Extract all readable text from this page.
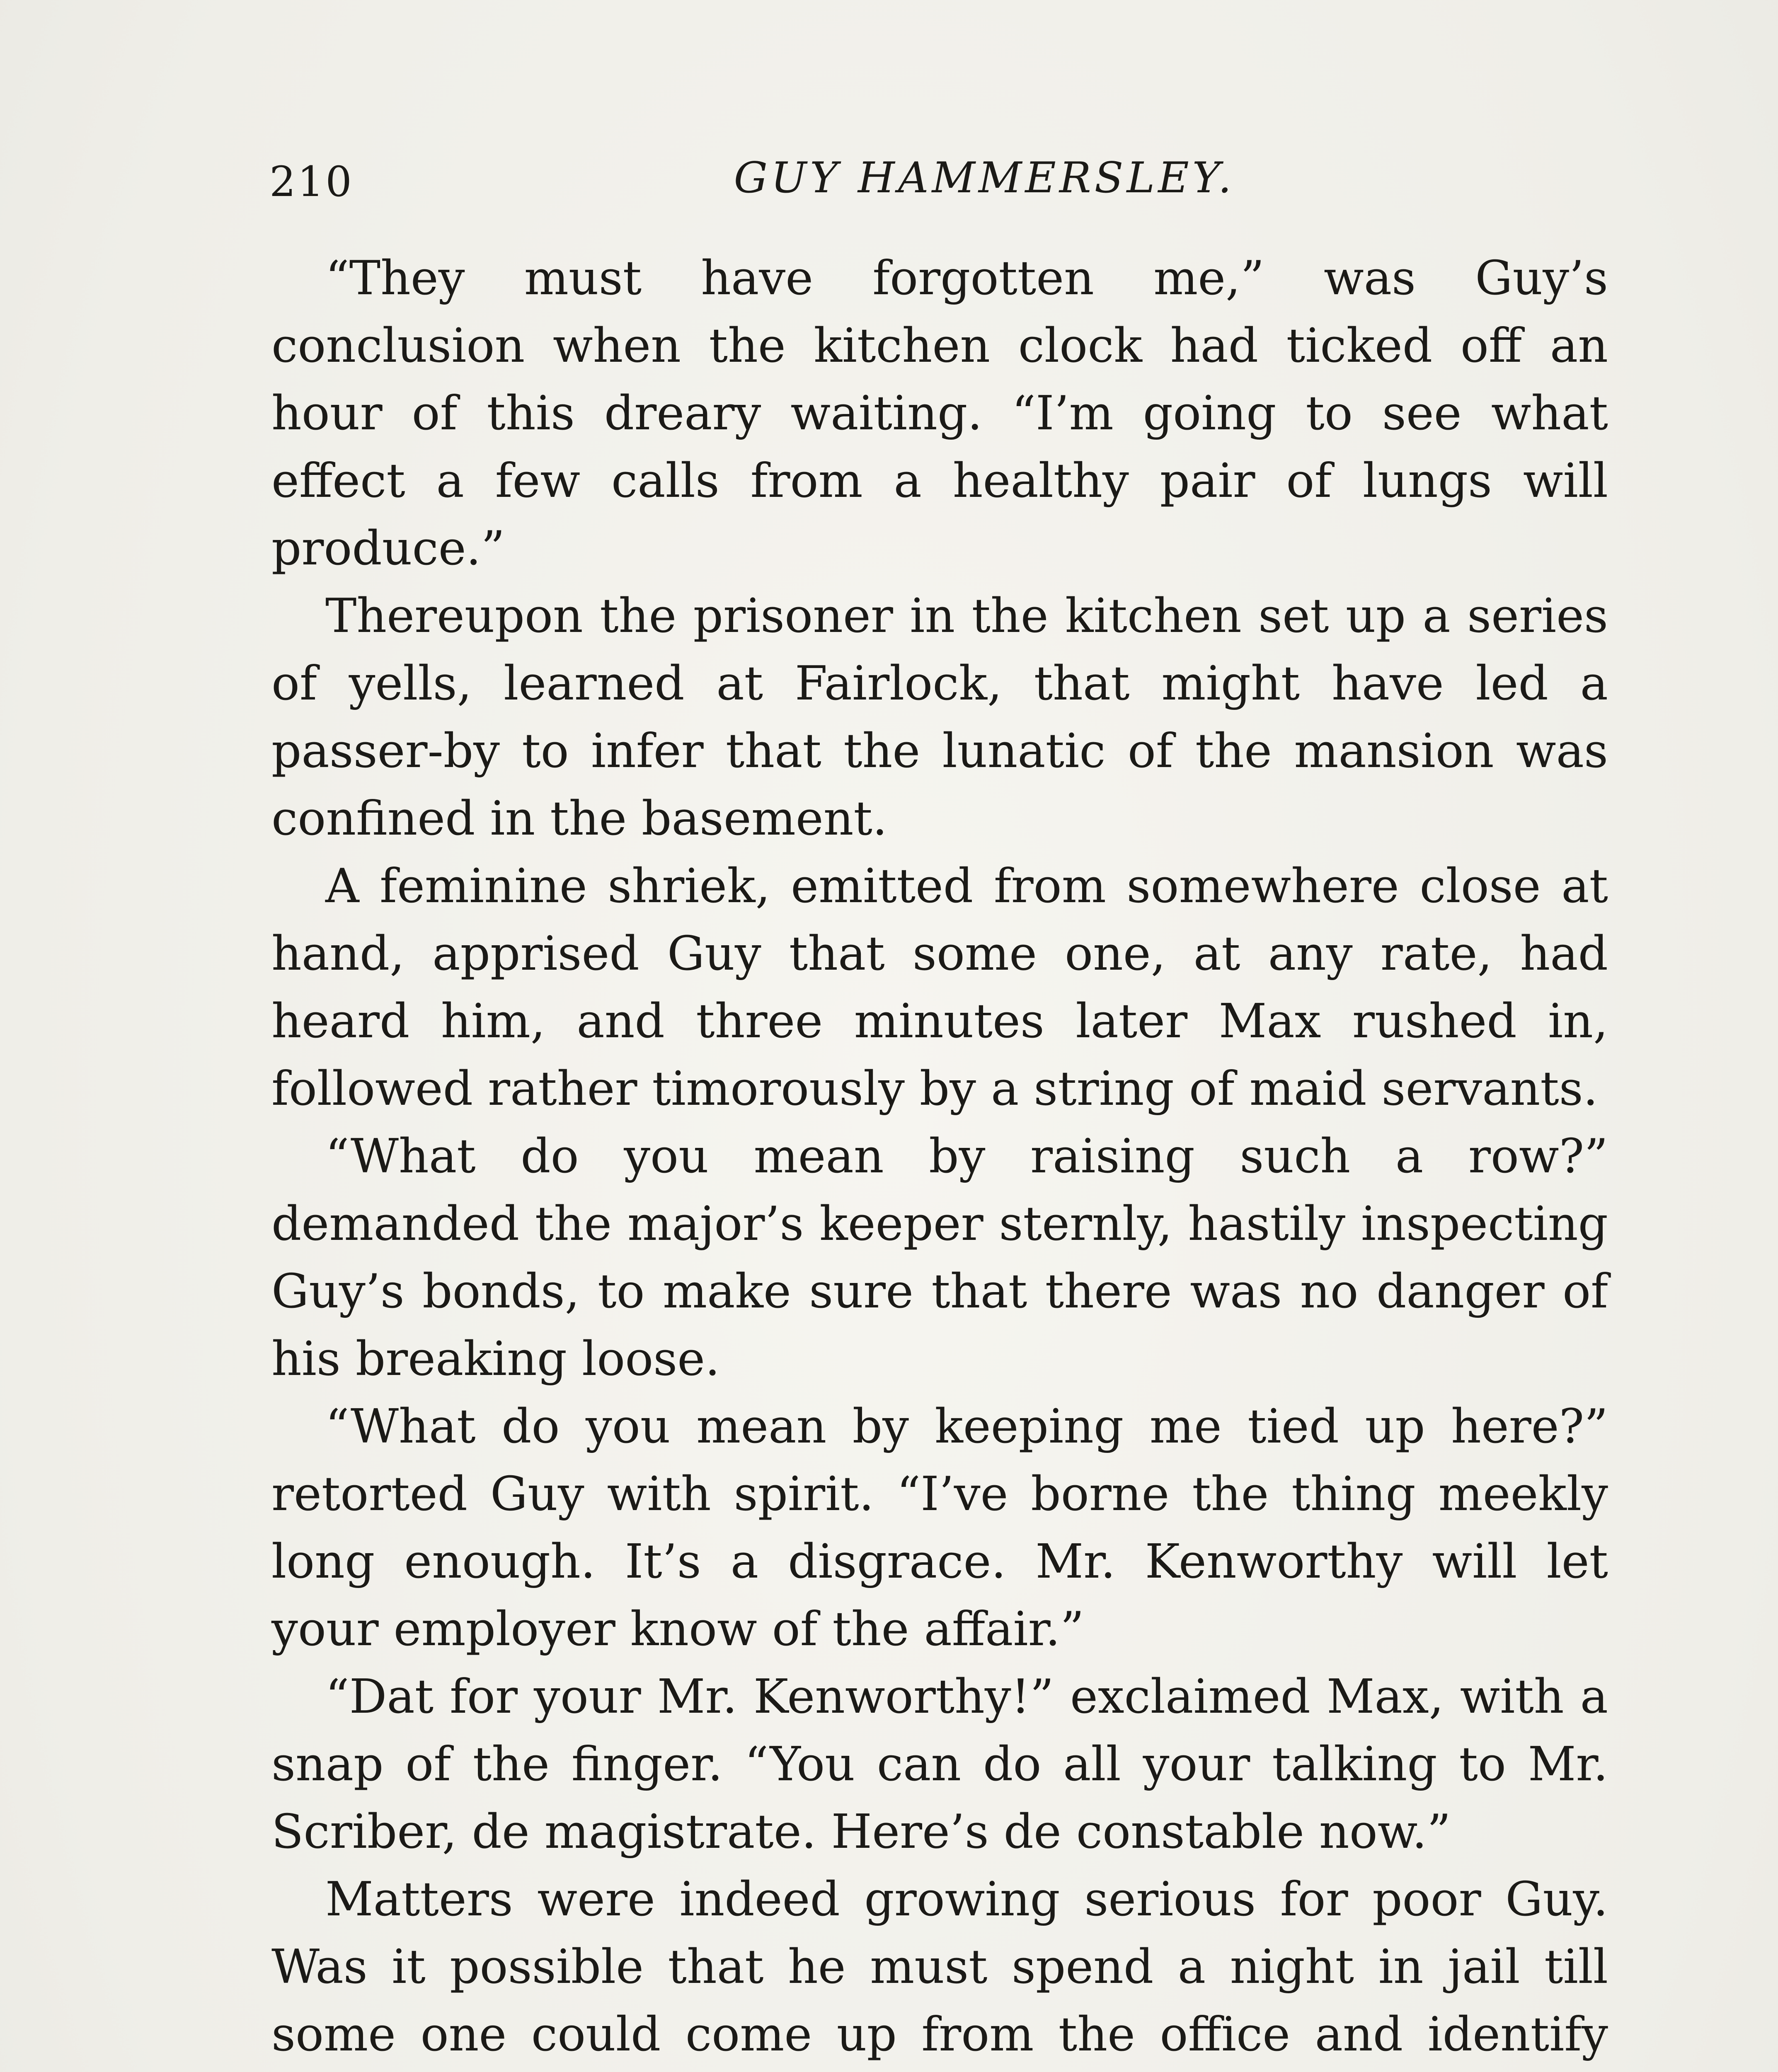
210	GUY HAMMERSLEY.

“They must have forgotten me,” was Guy’s conclusion when the kitchen clock had ticked off an hour of this dreary waiting. “I’m going to see what effect a few calls from a healthy pair of lungs will produce.”

Thereupon the prisoner in the kitchen set up a series of yells, learned at Fairlock, that might have led a passer-by to infer that the lunatic of the mansion was confined in the basement.

A feminine shriek, emitted from somewhere close at hand, apprised Guy that some one, at any rate, had heard him, and three minutes later Max rushed in, followed rather timorously by a string of maid servants.

“What do you mean by raising such a row?” demanded the major’s keeper sternly, hastily inspecting Guy’s bonds, to make sure that there was no danger of his breaking loose.

“What do you mean by keeping me tied up here?” retorted Guy with spirit. “I’ve borne the thing meekly long enough. It’s a disgrace. Mr. Kenworthy will let your employer know of the affair.”

“Dat for your Mr. Kenworthy!” exclaimed Max, with a snap of the finger. “You can do all your talking to Mr. Scriber, de magistrate. Here’s de constable now.”

Matters were indeed growing serious for poor Guy. Was it possible that he must spend a night in jail till some one could come up from the office and identify
